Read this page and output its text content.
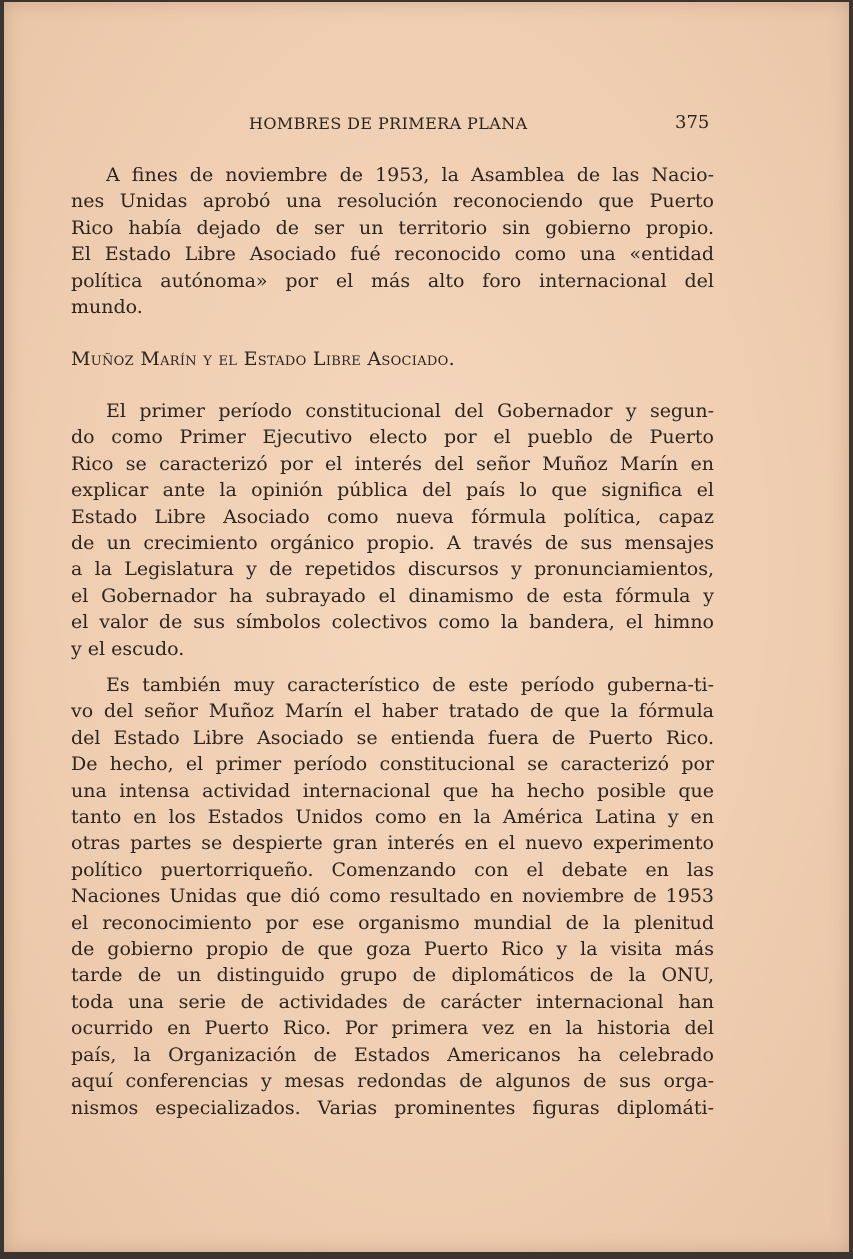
HOMBRES DE PRIMERA PLANA	375
A fines de noviembre de 1953, la Asamblea de las Nacio-
nes Unidas aprobó una resolución reconociendo que Puerto
Rico había dejado de ser un territorio sin gobierno propio.
El Estado Libre Asociado fué reconocido como una «entidad
política autónoma» por el más alto foro internacional del
mundo.
Muñoz Marín y el Estado Libre Asociado.
El primer período constitucional del Gobernador y segun-
do como Primer Ejecutivo electo por el pueblo de Puerto
Rico se caracterizó por el interés del señor Muñoz Marín en
explicar ante la opinión pública del país lo que significa el
Estado Libre Asociado como nueva fórmula política, capaz
de un crecimiento orgánico propio. A través de sus mensajes
a la Legislatura y de repetidos discursos y pronunciamientos,
el Gobernador ha subrayado el dinamismo de esta fórmula y
el valor de sus símbolos colectivos como la bandera, el himno
y el escudo.
Es también muy característico de este período guberna-ti-
vo del señor Muñoz Marín el haber tratado de que la fórmula
del Estado Libre Asociado se entienda fuera de Puerto Rico.
De hecho, el primer período constitucional se caracterizó por
una intensa actividad internacional que ha hecho posible que
tanto en los Estados Unidos como en la América Latina y en
otras partes se despierte gran interés en el nuevo experimento
político puertorriqueño. Comenzando con el debate en las
Naciones Unidas que dió como resultado en noviembre de 1953
el reconocimiento por ese organismo mundial de la plenitud
de gobierno propio de que goza Puerto Rico y la visita más
tarde de un distinguido grupo de diplomáticos de la ONU,
toda una serie de actividades de carácter internacional han
ocurrido en Puerto Rico. Por primera vez en la historia del
país, la Organización de Estados Americanos ha celebrado
aquí conferencias y mesas redondas de algunos de sus orga-
nismos especializados. Varias prominentes figuras diplomáti-
